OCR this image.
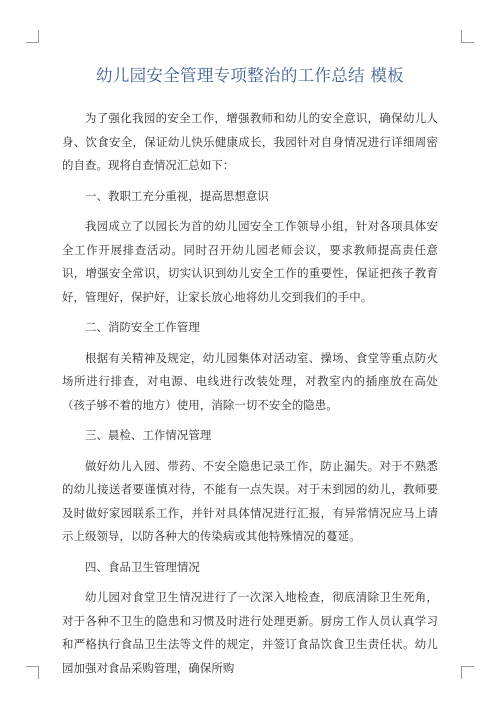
幼儿园安全管理专项整治的工作总结 模板

为了强化我园的安全工作，增强教师和幼儿的安全意识，确保幼儿人身、饮食安全，保证幼儿快乐健康成长，我园针对自身情况进行详细周密的自查。现将自查情况汇总如下：

一、教职工充分重视，提高思想意识

我园成立了以园长为首的幼儿园安全工作领导小组，针对各项具体安全工作开展排查活动。同时召开幼儿园老师会议，要求教师提高责任意识，增强安全常识，切实认识到幼儿安全工作的重要性，保证把孩子教育好，管理好，保护好，让家长放心地将幼儿交到我们的手中。

二、消防安全工作管理

根据有关精神及规定，幼儿园集体对活动室、操场、食堂等重点防火场所进行排查，对电源、电线进行改装处理，对教室内的插座放在高处（孩子够不着的地方）使用，消除一切不安全的隐患。

三、晨检、工作情况管理

做好幼儿入园、带药、不安全隐患记录工作，防止漏失。对于不熟悉的幼儿接送者要谨慎对待，不能有一点失误。对于未到园的幼儿，教师要及时做好家园联系工作，并针对具体情况进行汇报，有异常情况应马上请示上级领导，以防各种大的传染病或其他特殊情况的蔓延。

四、食品卫生管理情况

幼儿园对食堂卫生情况进行了一次深入地检查，彻底清除卫生死角，对于各种不卫生的隐患和习惯及时进行处理更新。厨房工作人员认真学习和严格执行食品卫生法等文件的规定，并签订食品饮食卫生责任状。幼儿园加强对食品采购管理，确保所购
